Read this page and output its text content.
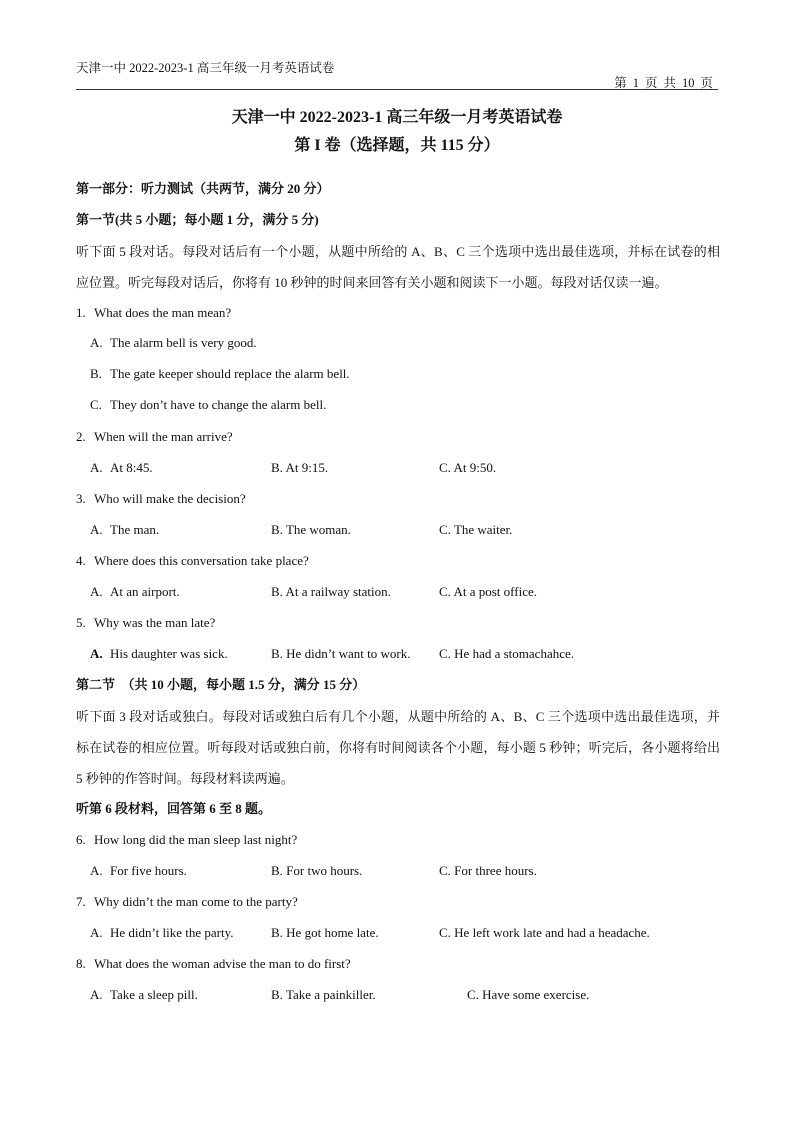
天津一中 2022-2023-1 高三年级一月考英语试卷
第 1 页 共 10 页
天津一中 2022-2023-1 高三年级一月考英语试卷
第 I 卷（选择题，共 115 分）
第一部分：听力测试（共两节，满分 20 分）
第一节(共 5 小题；每小题 1 分，满分 5 分)
听下面 5 段对话。每段对话后有一个小题，从题中所给的 A、B、C 三个选项中选出最佳选项，并标在试卷的相应位置。听完每段对话后，你将有 10 秒钟的时间来回答有关小题和阅读下一小题。每段对话仅读一遍。
1. What does the man mean?
A. The alarm bell is very good.
B. The gate keeper should replace the alarm bell.
C. They don’t have to change the alarm bell.
2. When will the man arrive?
A. At 8:45.	B. At 9:15.	C. At 9:50.
3. Who will make the decision?
A. The man.	B. The woman.	C. The waiter.
4. Where does this conversation take place?
A. At an airport.	B. At a railway station.	C. At a post office.
5. Why was the man late?
A. His daughter was sick.	B. He didn’t want to work. C. He had a stomachahce.
第二节　（共 10 小题，每小题 1.5 分，满分 15 分）
听下面 3 段对话或独白。每段对话或独白后有几个小题，从题中所给的 A、B、C 三个选项中选出最佳选项，并标在试卷的相应位置。听每段对话或独白前，你将有时间阅读各个小题，每小题 5 秒钟；听完后，各小题将给出 5 秒钟的作答时间。每段材料读两遍。
听第 6 段材料，回答第 6 至 8 题。
6. How long did the man sleep last night?
A. For five hours.	B. For two hours.	C. For three hours.
7. Why didn’t the man come to the party?
A. He didn’t like the party.	B. He got home late.	C. He left work late and had a headache.
8. What does the woman advise the man to do first?
A. Take a sleep pill.	B. Take a painkiller.	C. Have some exercise.
